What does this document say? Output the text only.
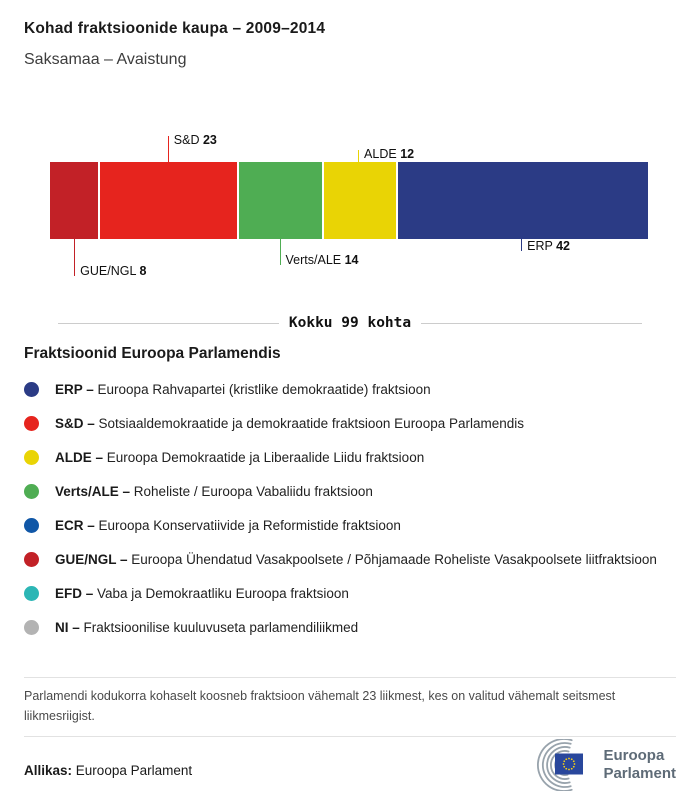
Kohad fraktsioonide kaupa – 2009–2014

Saksamaa – Avaistung

S&D 23
ALDE 12
GUE/NGL 8
Verts/ALE 14
ERP 42
Kokku 99 kohta
Fraktsioonid Euroopa Parlamendis
ERP – Euroopa Rahvapartei (kristlike demokraatide) fraktsioon
S&D – Sotsiaaldemokraatide ja demokraatide fraktsioon Euroopa Parlamendis
ALDE – Euroopa Demokraatide ja Liberaalide Liidu fraktsioon
Verts/ALE – Roheliste / Euroopa Vabaliidu fraktsioon
ECR – Euroopa Konservatiivide ja Reformistide fraktsioon
GUE/NGL – Euroopa Ühendatud Vasakpoolsete / Põhjamaade Roheliste Vasakpoolsete liitfraktsioon
EFD – Vaba ja Demokraatliku Euroopa fraktsioon
NI – Fraktsioonilise kuuluvuseta parlamendiliikmed

Parlamendi kodukorra kohaselt koosneb fraktsioon vähemalt 23 liikmest, kes on valitud vähemalt seitsmest liikmesriigist.

Allikas: Euroopa Parlament
Euroopa
Parlament
